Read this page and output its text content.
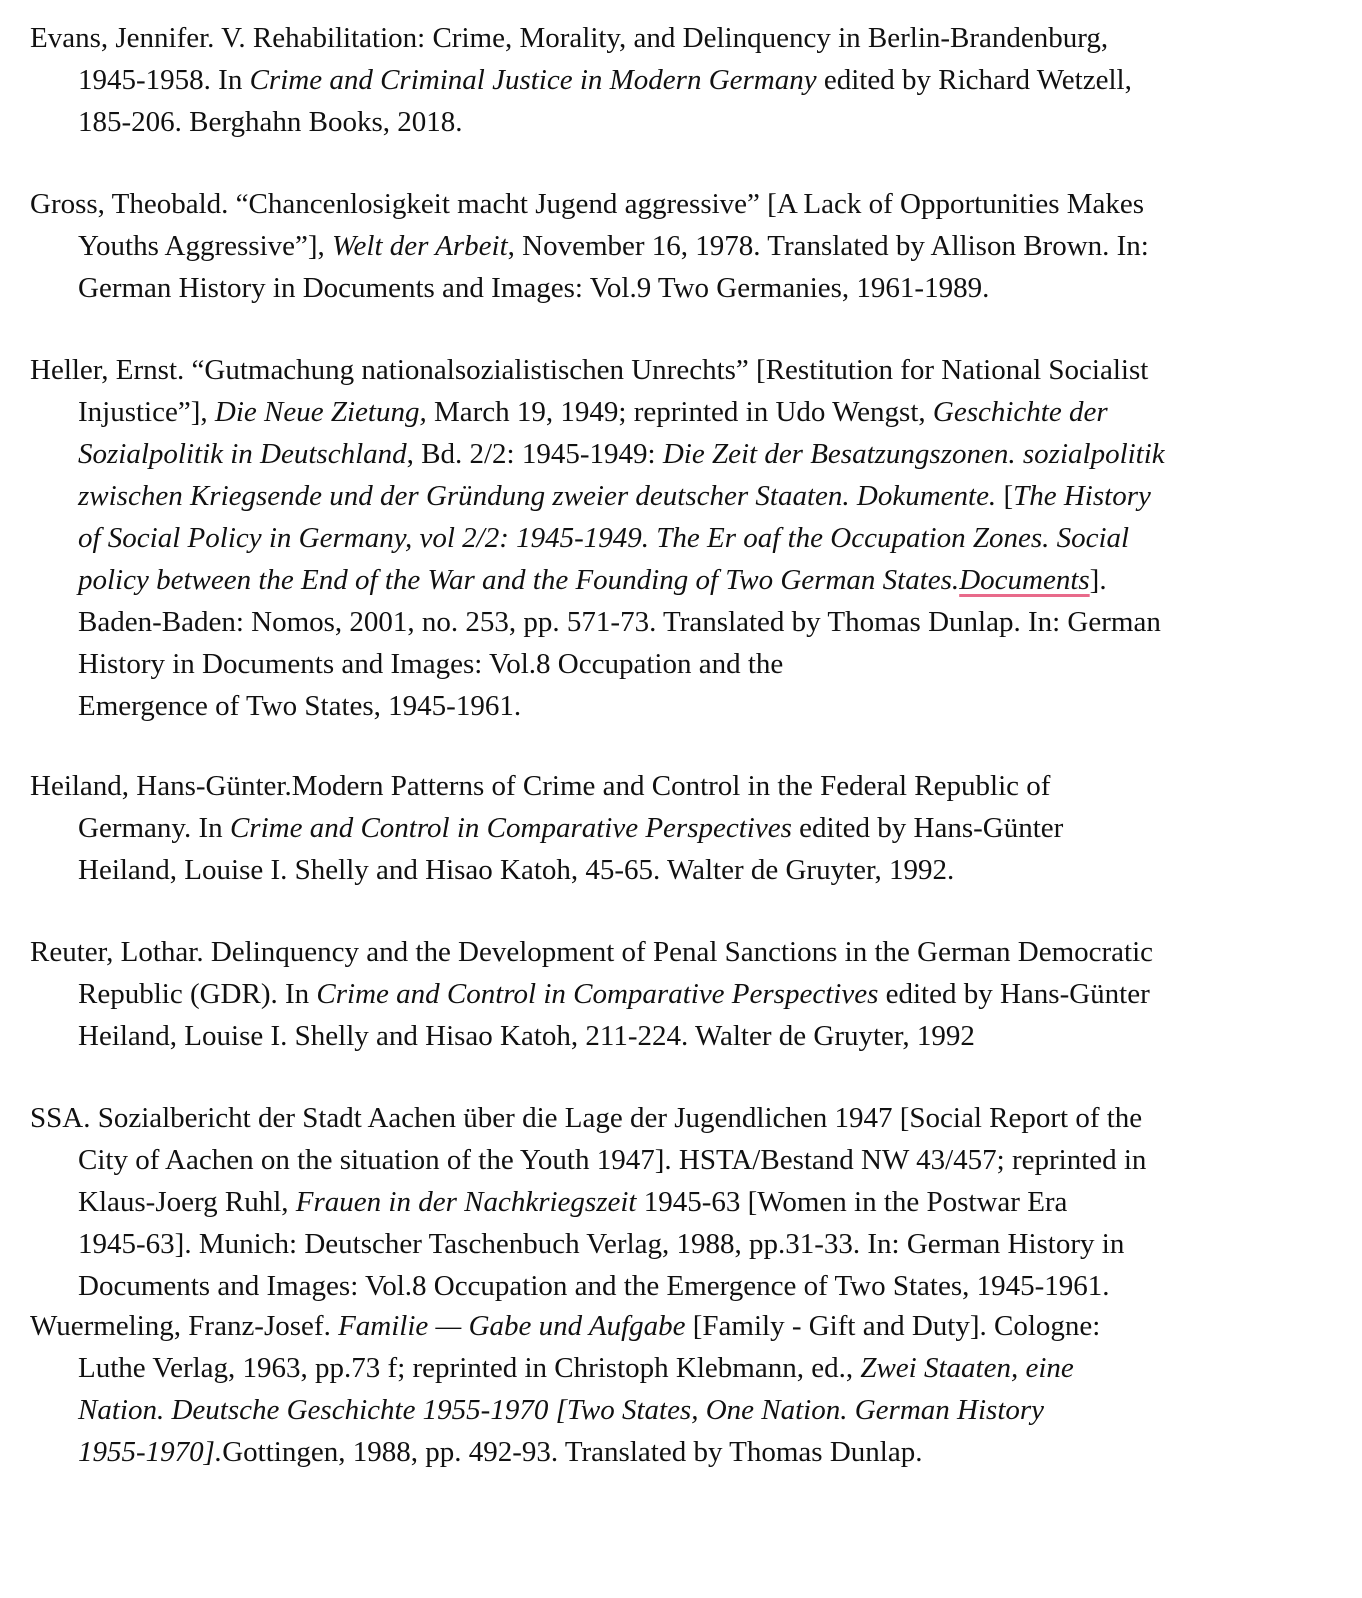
Evans, Jennifer. V. Rehabilitation: Crime, Morality, and Delinquency in Berlin-Brandenburg,
1945-1958. In Crime and Criminal Justice in Modern Germany edited by Richard Wetzell,
185-206. Berghahn Books, 2018.

Gross, Theobald. “Chancenlosigkeit macht Jugend aggressive” [A Lack of Opportunities Makes
Youths Aggressive”], Welt der Arbeit, November 16, 1978. Translated by Allison Brown. In:
German History in Documents and Images: Vol.9 Two Germanies, 1961-1989.

Heller, Ernst. “Gutmachung nationalsozialistischen Unrechts” [Restitution for National Socialist
Injustice”], Die Neue Zietung, March 19, 1949; reprinted in Udo Wengst, Geschichte der
Sozialpolitik in Deutschland, Bd. 2/2: 1945-1949: Die Zeit der Besatzungszonen. sozialpolitik
zwischen Kriegsende und der Gründung zweier deutscher Staaten. Dokumente. [The History
of Social Policy in Germany, vol 2/2: 1945-1949. The Er oaf the Occupation Zones. Social
policy between the End of the War and the Founding of Two German States.Documents].
Baden-Baden: Nomos, 2001, no. 253, pp. 571-73. Translated by Thomas Dunlap. In: German
History in Documents and Images: Vol.8 Occupation and the
Emergence of Two States, 1945-1961.

Heiland, Hans-Günter.Modern Patterns of Crime and Control in the Federal Republic of
Germany. In Crime and Control in Comparative Perspectives edited by Hans-Günter
Heiland, Louise I. Shelly and Hisao Katoh, 45-65. Walter de Gruyter, 1992.

Reuter, Lothar. Delinquency and the Development of Penal Sanctions in the German Democratic
Republic (GDR). In Crime and Control in Comparative Perspectives edited by Hans-Günter
Heiland, Louise I. Shelly and Hisao Katoh, 211-224. Walter de Gruyter, 1992

SSA. Sozialbericht der Stadt Aachen über die Lage der Jugendlichen 1947 [Social Report of the
City of Aachen on the situation of the Youth 1947]. HSTA/Bestand NW 43/457; reprinted in
Klaus-Joerg Ruhl, Frauen in der Nachkriegszeit 1945-63 [Women in the Postwar Era
1945-63]. Munich: Deutscher Taschenbuch Verlag, 1988, pp.31-33. In: German History in
Documents and Images: Vol.8 Occupation and the Emergence of Two States, 1945-1961.

Wuermeling, Franz-Josef. Familie — Gabe und Aufgabe [Family - Gift and Duty]. Cologne:
Luthe Verlag, 1963, pp.73 f; reprinted in Christoph Klebmann, ed., Zwei Staaten, eine
Nation. Deutsche Geschichte 1955-1970 [Two States, One Nation. German History
1955-1970].Gottingen, 1988, pp. 492-93. Translated by Thomas Dunlap.
